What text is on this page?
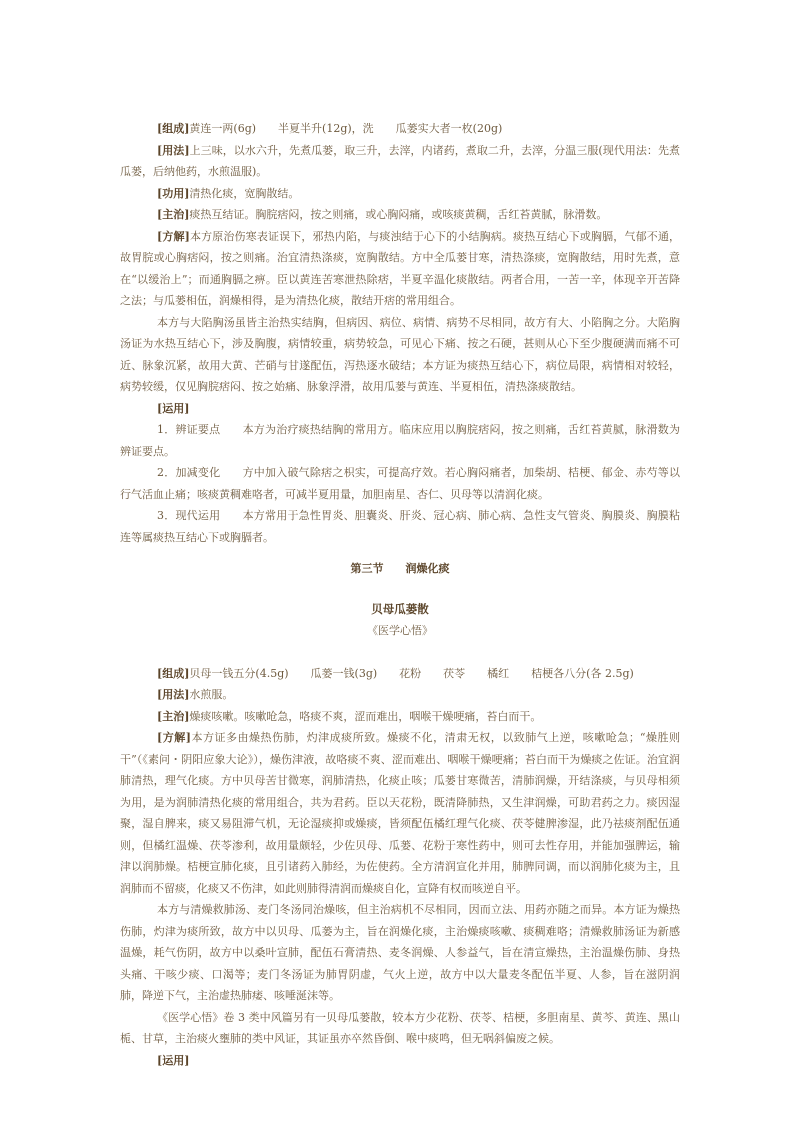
[组成]黄连一两(6g) 半夏半升(12g)，洗 瓜蒌实大者一枚(20g)

[用法]上三味，以水六升，先煮瓜蒌，取三升，去滓，内诸药，煮取二升，去滓，分温三服(现代用法：先煮瓜蒌，后纳他药，水煎温服)。

[功用]清热化痰，宽胸散结。

[主治]痰热互结证。胸脘痞闷，按之则痛，或心胸闷痛，或咳痰黄稠，舌红苔黄腻，脉滑数。

[方解]本方原治伤寒表证误下，邪热内陷，与痰浊结于心下的小结胸病。痰热互结心下或胸膈，气郁不通，故胃脘或心胸痞闷，按之则痛。治宜清热涤痰，宽胸散结。方中全瓜蒌甘寒，清热涤痰，宽胸散结，用时先煮，意在“以缓治上”；而通胸膈之痹。臣以黄连苦寒泄热除痞，半夏辛温化痰散结。两者合用，一苦一辛，体现辛开苦降之法；与瓜蒌相伍，润燥相得，是为清热化痰，散结开痞的常用组合。

本方与大陷胸汤虽皆主治热实结胸，但病因、病位、病情、病势不尽相同，故方有大、小陷胸之分。大陷胸汤证为水热互结心下，涉及胸腹，病情较重，病势较急，可见心下痛、按之石硬，甚则从心下至少腹硬满而痛不可近、脉象沉紧，故用大黄、芒硝与甘遂配伍，泻热逐水破结；本方证为痰热互结心下，病位局限，病情相对较轻，病势较缓，仅见胸脘痞闷、按之始痛、脉象浮滑，故用瓜蒌与黄连、半夏相伍，清热涤痰散结。

[运用]

1．辨证要点 本方为治疗痰热结胸的常用方。临床应用以胸脘痞闷，按之则痛，舌红苔黄腻，脉滑数为辨证要点。

2．加减变化 方中加入破气除痞之枳实，可提高疗效。若心胸闷痛者，加柴胡、桔梗、郁金、赤芍等以行气活血止痛；咳痰黄稠难咯者，可减半夏用量，加胆南星、杏仁、贝母等以清润化痰。

3．现代运用 本方常用于急性胃炎、胆囊炎、肝炎、冠心病、肺心病、急性支气管炎、胸膜炎、胸膜粘连等属痰热互结心下或胸膈者。

第三节 润燥化痰

贝母瓜蒌散

《医学心悟》

[组成]贝母一钱五分(4.5g) 瓜蒌一钱(3g) 花粉 茯苓 橘红 桔梗各八分(各 2.5g)

[用法]水煎服。

[主治]燥痰咳嗽。咳嗽呛急，咯痰不爽，涩而难出，咽喉干燥哽痛，苔白而干。

[方解]本方证多由燥热伤肺，灼津成痰所致。燥痰不化，清肃无权，以致肺气上逆，咳嗽呛急；“燥胜则干”（《素问・阴阳应象大论》），燥伤津液，故咯痰不爽、涩而难出、咽喉干燥哽痛；苔白而干为燥痰之佐证。治宜润肺清热，理气化痰。方中贝母苦甘微寒，润肺清热，化痰止咳；瓜蒌甘寒微苦，清肺润燥，开结涤痰，与贝母相须为用，是为润肺清热化痰的常用组合，共为君药。臣以天花粉，既清降肺热，又生津润燥，可助君药之力。痰因湿聚，湿自脾来，痰又易阻滞气机，无论湿痰抑或燥痰，皆须配伍橘红理气化痰、茯苓健脾渗湿，此乃祛痰剂配伍通则，但橘红温燥、茯苓渗利，故用量颇轻，少佐贝母、瓜蒌、花粉于寒性药中，则可去性存用，并能加强脾运，输津以润肺燥。桔梗宣肺化痰，且引诸药入肺经，为佐使药。全方清润宣化并用，肺脾同调，而以润肺化痰为主，且润肺而不留痰，化痰又不伤津，如此则肺得清润而燥痰自化，宣降有权而咳逆自平。

本方与清燥救肺汤、麦门冬汤同治燥咳，但主治病机不尽相同，因而立法、用药亦随之而异。本方证为燥热伤肺，灼津为痰所致，故方中以贝母、瓜蒌为主，旨在润燥化痰，主治燥痰咳嗽、痰稠难咯；清燥救肺汤证为新感温燥，耗气伤阴，故方中以桑叶宣肺，配伍石膏清热、麦冬润燥、人参益气，旨在清宣燥热，主治温燥伤肺、身热头痛、干咳少痰、口渴等；麦门冬汤证为肺胃阴虚，气火上逆，故方中以大量麦冬配伍半夏、人参，旨在滋阴润肺，降逆下气，主治虚热肺痿、咳唾涎沫等。

《医学心悟》卷 3 类中风篇另有一贝母瓜蒌散，较本方少花粉、茯苓、桔梗，多胆南星、黄芩、黄连、黑山栀、甘草，主治痰火壅肺的类中风证，其证虽亦卒然昏倒、喉中痰鸣，但无㖞斜偏废之候。

[运用]
